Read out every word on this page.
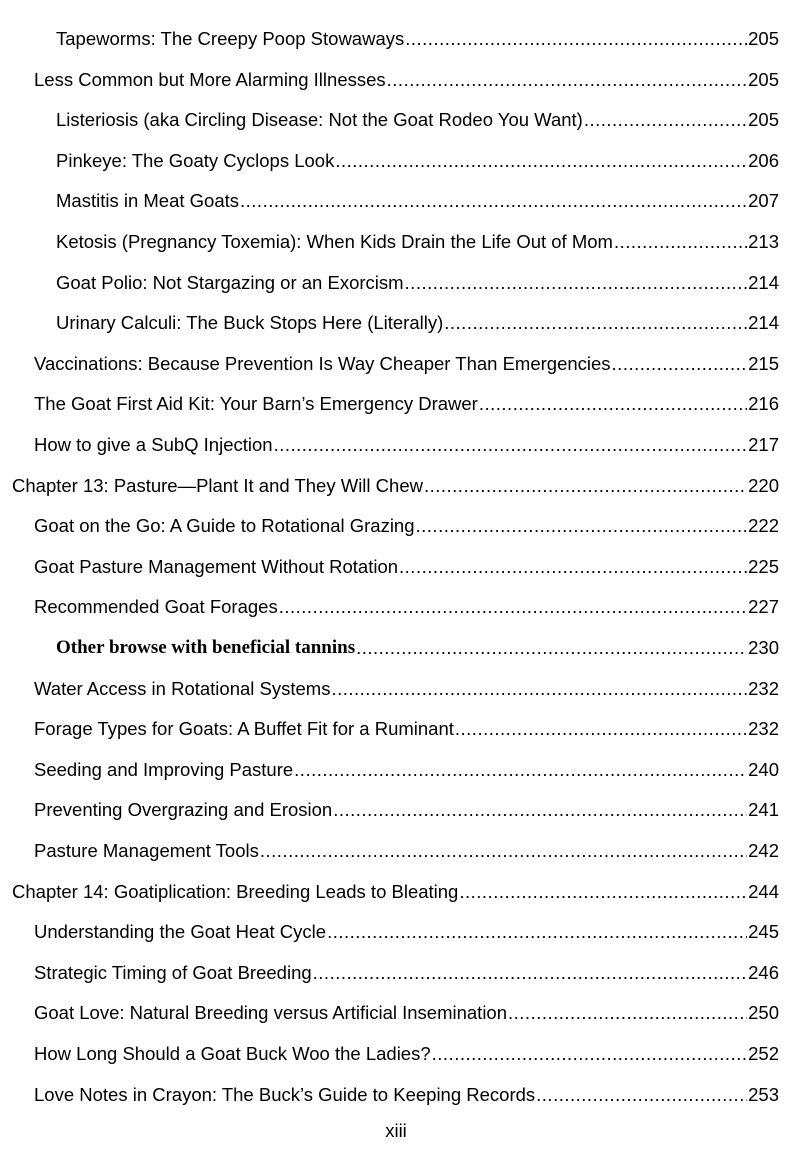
Tapeworms: The Creepy Poop Stowaways .....	205
Less Common but More Alarming Illnesses .....	205
Listeriosis (aka Circling Disease: Not the Goat Rodeo You Want) .....	205
Pinkeye: The Goaty Cyclops Look .....	206
Mastitis in Meat Goats .....	207
Ketosis (Pregnancy Toxemia): When Kids Drain the Life Out of Mom .....	213
Goat Polio: Not Stargazing or an Exorcism .....	214
Urinary Calculi: The Buck Stops Here (Literally) .....	214
Vaccinations: Because Prevention Is Way Cheaper Than Emergencies .....	215
The Goat First Aid Kit: Your Barn’s Emergency Drawer .....	216
How to give a SubQ Injection .....	217
Chapter 13: Pasture—Plant It and They Will Chew .....	220
Goat on the Go: A Guide to Rotational Grazing .....	222
Goat Pasture Management Without Rotation .....	225
Recommended Goat Forages .....	227
Other browse with beneficial tannins .....	230
Water Access in Rotational Systems .....	232
Forage Types for Goats: A Buffet Fit for a Ruminant .....	232
Seeding and Improving Pasture .....	240
Preventing Overgrazing and Erosion .....	241
Pasture Management Tools .....	242
Chapter 14: Goatiplication: Breeding Leads to Bleating .....	244
Understanding the Goat Heat Cycle .....	245
Strategic Timing of Goat Breeding .....	246
Goat Love: Natural Breeding versus Artificial Insemination .....	250
How Long Should a Goat Buck Woo the Ladies? .....	252
Love Notes in Crayon: The Buck’s Guide to Keeping Records .....	253
xiii
